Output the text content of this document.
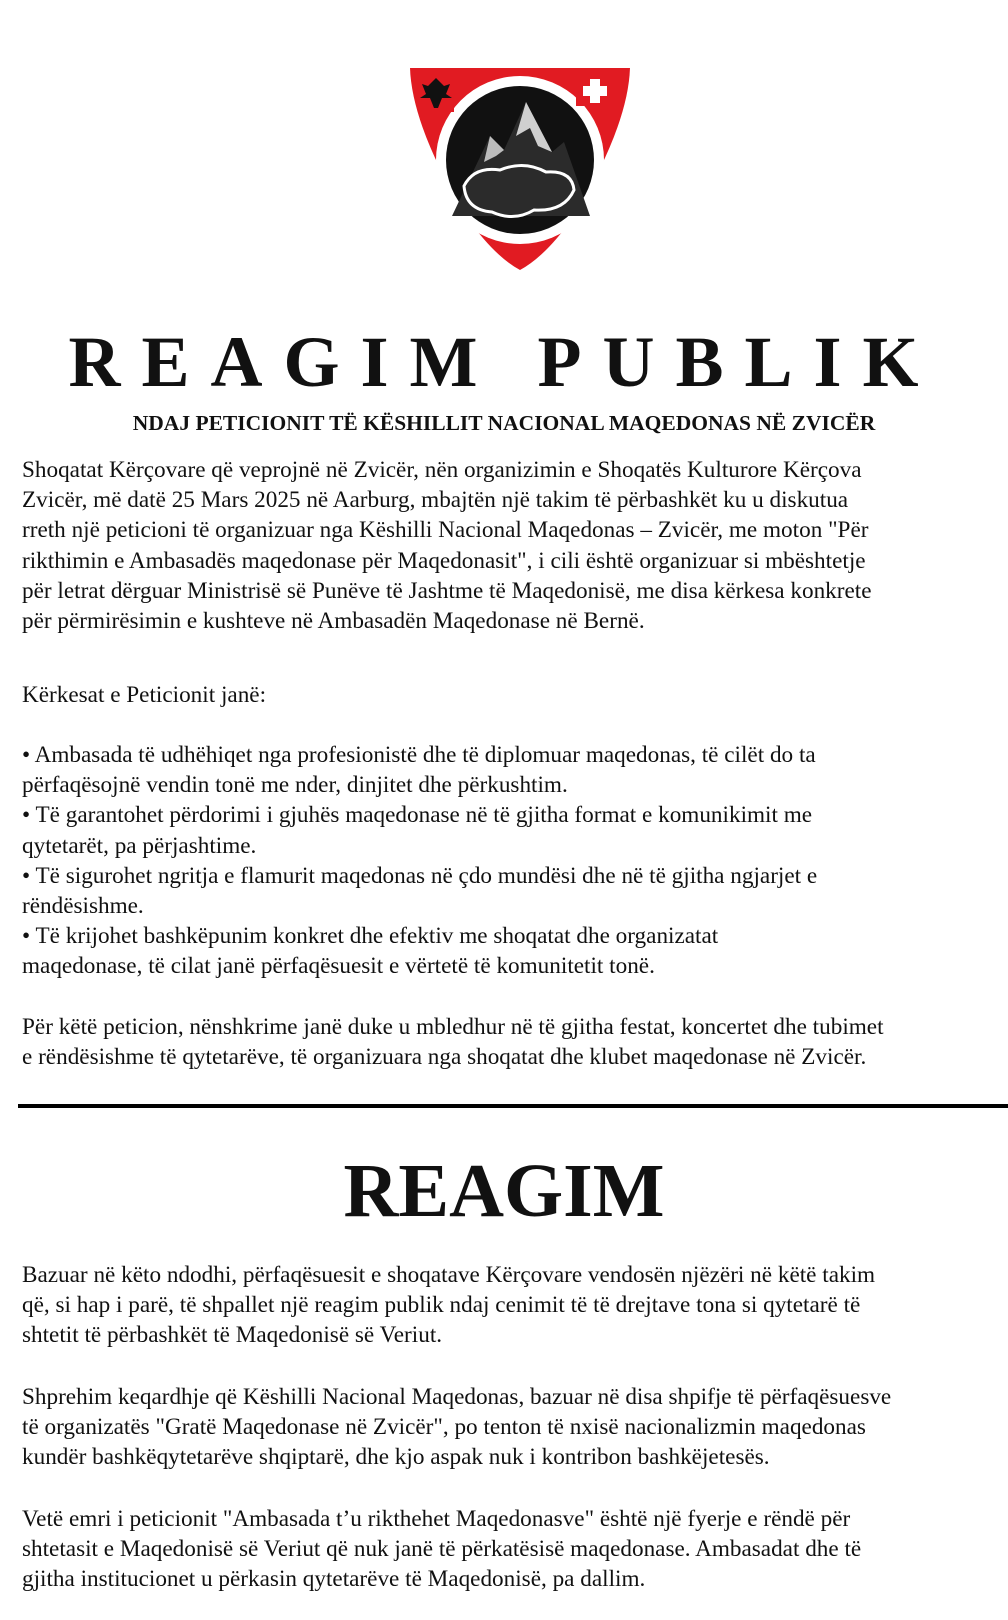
REAGIM PUBLIK
NDAJ PETICIONIT TË KËSHILLIT NACIONAL MAQEDONAS NË ZVICËR
Shoqatat Kërçovare që veprojnë në Zvicër, nën organizimin e Shoqatës Kulturore Kërçova
Zvicër, më datë 25 Mars 2025 në Aarburg, mbajtën një takim të përbashkët ku u diskutua
rreth një peticioni të organizuar nga Këshilli Nacional Maqedonas – Zvicër, me moton "Për
rikthimin e Ambasadës maqedonase për Maqedonasit", i cili është organizuar si mbështetje
për letrat dërguar Ministrisë së Punëve të Jashtme të Maqedonisë, me disa kërkesa konkrete
për përmirësimin e kushteve në Ambasadën Maqedonase në Bernë.
Kërkesat e Peticionit janë:
• Ambasada të udhëhiqet nga profesionistë dhe të diplomuar maqedonas, të cilët do ta
përfaqësojnë vendin tonë me nder, dinjitet dhe përkushtim.
• Të garantohet përdorimi i gjuhës maqedonase në të gjitha format e komunikimit me
qytetarët, pa përjashtime.
• Të sigurohet ngritja e flamurit maqedonas në çdo mundësi dhe në të gjitha ngjarjet e
rëndësishme.
• Të krijohet bashkëpunim konkret dhe efektiv me shoqatat dhe organizatat
maqedonase, të cilat janë përfaqësuesit e vërtetë të komunitetit tonë.
Për këtë peticion, nënshkrime janë duke u mbledhur në të gjitha festat, koncertet dhe tubimet
e rëndësishme të qytetarëve, të organizuara nga shoqatat dhe klubet maqedonase në Zvicër.
REAGIM
Bazuar në këto ndodhi, përfaqësuesit e shoqatave Kërçovare vendosën njëzëri në këtë takim
që, si hap i parë, të shpallet një reagim publik ndaj cenimit të të drejtave tona si qytetarë të
shtetit të përbashkët të Maqedonisë së Veriut.
Shprehim keqardhje që Këshilli Nacional Maqedonas, bazuar në disa shpifje të përfaqësuesve
të organizatës "Gratë Maqedonase në Zvicër", po tenton të nxisë nacionalizmin maqedonas
kundër bashkëqytetarëve shqiptarë, dhe kjo aspak nuk i kontribon bashkëjetesës.
Vetë emri i peticionit "Ambasada t’u rikthehet Maqedonasve" është një fyerje e rëndë për
shtetasit e Maqedonisë së Veriut që nuk janë të përkatësisë maqedonase. Ambasadat dhe të
gjitha institucionet u përkasin qytetarëve të Maqedonisë, pa dallim.
